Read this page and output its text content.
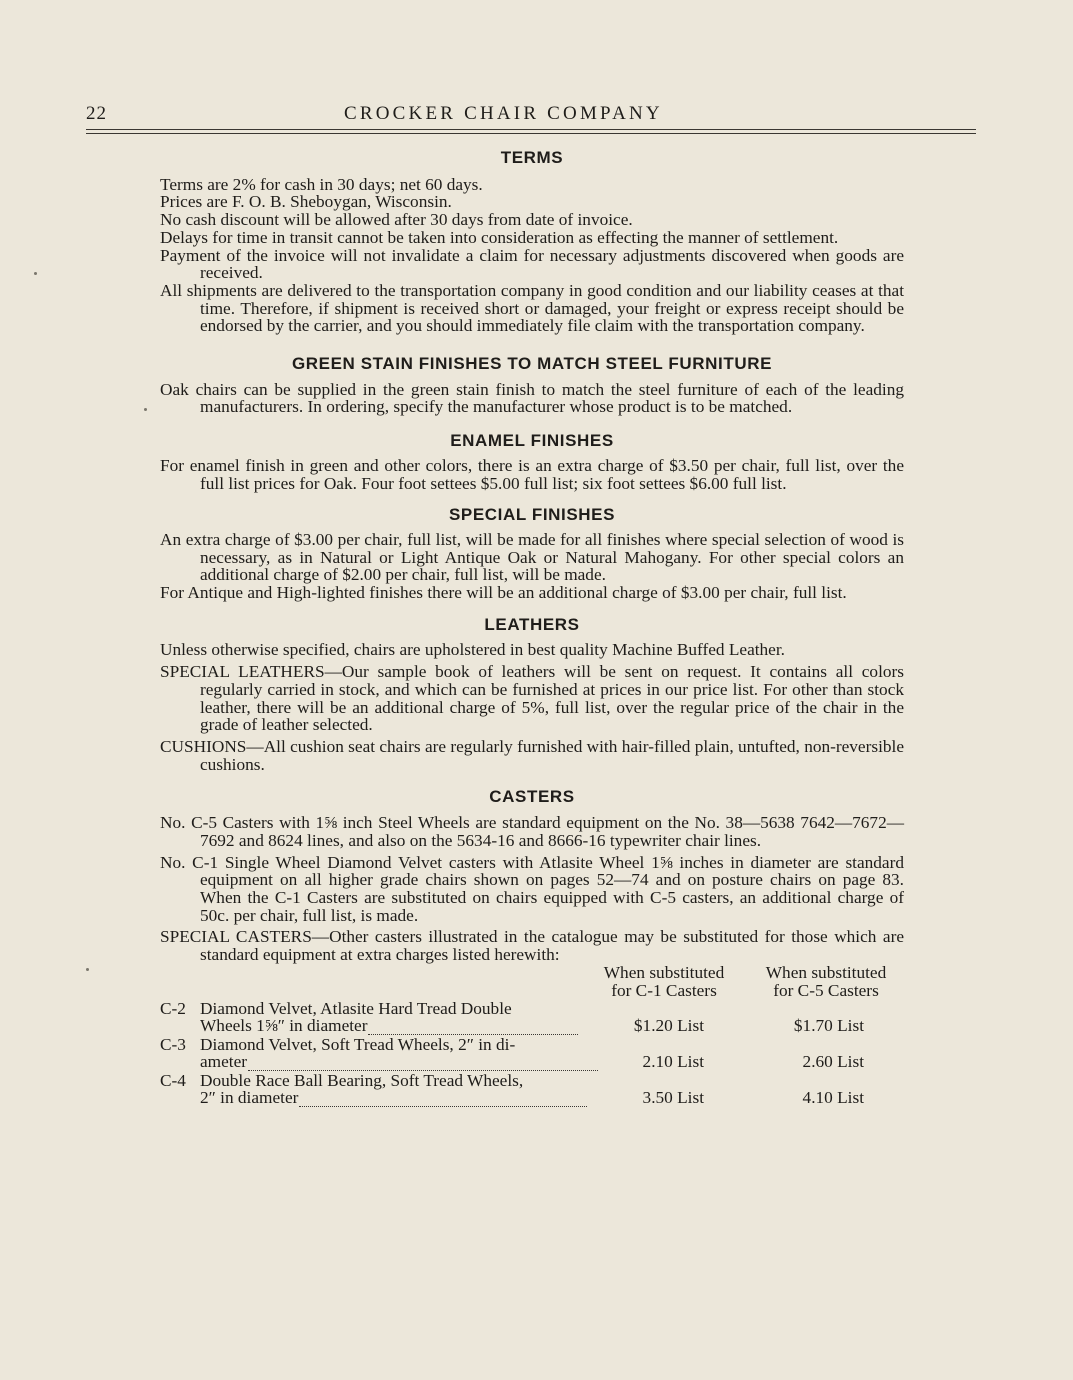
22	CROCKER CHAIR COMPANY
TERMS

Terms are 2% for cash in 30 days; net 60 days.

Prices are F. O. B. Sheboygan, Wisconsin.

No cash discount will be allowed after 30 days from date of invoice.

Delays for time in transit cannot be taken into consideration as effecting the manner of settlement.

Payment of the invoice will not invalidate a claim for necessary adjustments discovered when goods are received.

All shipments are delivered to the transportation company in good condition and our liability ceases at that time. Therefore, if shipment is received short or damaged, your freight or express receipt should be endorsed by the carrier, and you should immediately file claim with the transportation company.

GREEN STAIN FINISHES TO MATCH STEEL FURNITURE

Oak chairs can be supplied in the green stain finish to match the steel furniture of each of the leading manufacturers. In ordering, specify the manufacturer whose product is to be matched.

ENAMEL FINISHES

For enamel finish in green and other colors, there is an extra charge of $3.50 per chair, full list, over the full list prices for Oak. Four foot settees $5.00 full list; six foot settees $6.00 full list.

SPECIAL FINISHES

An extra charge of $3.00 per chair, full list, will be made for all finishes where special selection of wood is necessary, as in Natural or Light Antique Oak or Natural Mahogany. For other special colors an additional charge of $2.00 per chair, full list, will be made.

For Antique and High-lighted finishes there will be an additional charge of $3.00 per chair, full list.

LEATHERS

Unless otherwise specified, chairs are upholstered in best quality Machine Buffed Leather.

SPECIAL LEATHERS—Our sample book of leathers will be sent on request. It contains all colors regularly carried in stock, and which can be furnished at prices in our price list. For other than stock leather, there will be an additional charge of 5%, full list, over the regular price of the chair in the grade of leather selected.

CUSHIONS—All cushion seat chairs are regularly furnished with hair-filled plain, untufted, non-reversible cushions.

CASTERS

No. C-5 Casters with 1⅝ inch Steel Wheels are standard equipment on the No. 38—5638 7642—7672—7692 and 8624 lines, and also on the 5634-16 and 8666-16 typewriter chair lines.

No. C-1 Single Wheel Diamond Velvet casters with Atlasite Wheel 1⅝ inches in diameter are standard equipment on all higher grade chairs shown on pages 52—74 and on posture chairs on page 83. When the C-1 Casters are substituted on chairs equipped with C-5 casters, an additional charge of 50c. per chair, full list, is made.

SPECIAL CASTERS—Other casters illustrated in the catalogue may be substituted for those which are standard equipment at extra charges listed herewith:

When substituted
for C-1 Casters
When substituted
for C-5 Casters
C-2 Diamond Velvet, Atlasite Hard Tread Double
Wheels 1⅝″ in diameter	$1.20 List	$1.70 List
C-3 Diamond Velvet, Soft Tread Wheels, 2″ in di-
ameter	2.10 List	2.60 List
C-4 Double Race Ball Bearing, Soft Tread Wheels,
2″ in diameter	3.50 List	4.10 List
